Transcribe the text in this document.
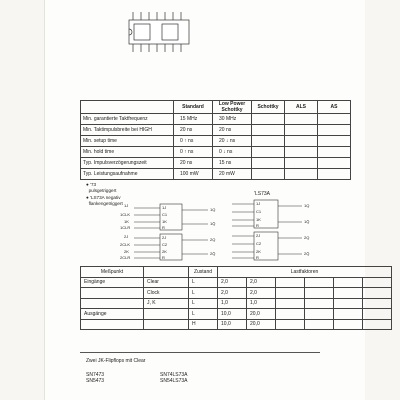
	Standard	Low Power Schottky	Schottky	ALS	AS
Min. garantierte Taktfrequenz	15 MHz	30 MHz			
Min. Taktimpulsbreite bei HIGH	20 ns	20 ns			
Min. setup time	0 ↑ ns	20 ↓ ns			
Min. hold time	0 ↑ ns	0 ↓ ns			
Typ. Impulsverzögerungszeit	20 ns	15 ns			
Typ. Leistungsaufnahme	100 mW	20 mW			
● '73
pulsgetriggert
● 'LS73A negativ
flankengetriggert 1J
1CLK
1K
1CLR
2J
2CLK
2K
2CLR
1J
C1
1K
R
2J
C2
2K
R
1Q
1Q̄
2Q
2Q̄
'LS73A
1J
C1
1K
R
2J
C2
2K
R
1Q
1Q̄
2Q
2Q̄
Meßpunkt		Zustand	Lastfaktoren					
Eingänge	Clear	L	2,0	2,0				
	Clock	L	2,0	2,0				
	J, K	L	1,0	1,0				
Ausgänge		L	10,0	20,0				
		H	10,0	20,0				
Zwei JK-Flipflops mit Clear
SN7473
SN5473
SN74LS73A
SN54LS73A
